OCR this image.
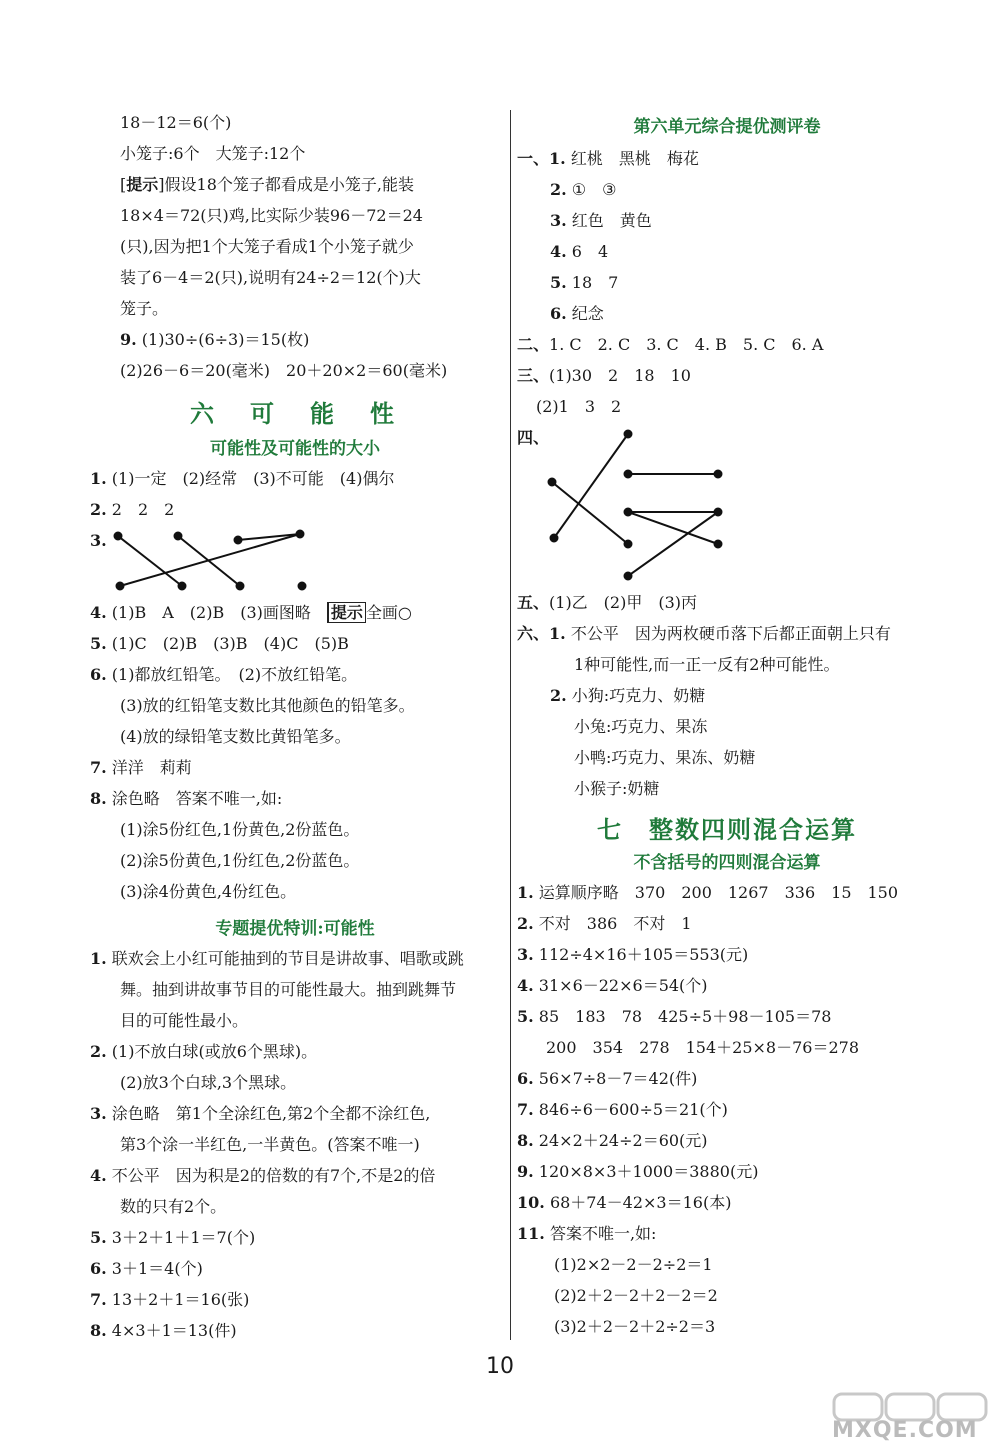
18－12＝6(个)
小笼子:6个　大笼子:12个
[提示]假设18个笼子都看成是小笼子,能装
18×4＝72(只)鸡,比实际少装96－72＝24
(只),因为把1个大笼子看成1个小笼子就少
装了6－4＝2(只),说明有24÷2＝12(个)大
笼子。
9. (1)30÷(6÷3)＝15(枚)
(2)26－6＝20(毫米)　20＋20×2＝60(毫米)
六　可　能　性
可能性及可能性的大小
1. (1)一定　(2)经常　(3)不可能　(4)偶尔
2. 2　2　2
3.
4. (1)B　A　(2)B　(3)画图略　提示 全画○
5. (1)C　(2)B　(3)B　(4)C　(5)B
6. (1)都放红铅笔。　(2)不放红铅笔。
(3)放的红铅笔支数比其他颜色的铅笔多。
(4)放的绿铅笔支数比黄铅笔多。
7. 洋洋　莉莉
8. 涂色略　答案不唯一,如:
(1)涂5份红色,1份黄色,2份蓝色。
(2)涂5份黄色,1份红色,2份蓝色。
(3)涂4份黄色,4份红色。
专题提优特训:可能性
1. 联欢会上小红可能抽到的节目是讲故事、唱歌或跳
舞。抽到讲故事节目的可能性最大。抽到跳舞节
目的可能性最小。
2. (1)不放白球(或放6个黑球)。
(2)放3个白球,3个黑球。
3. 涂色略　第1个全涂红色,第2个全都不涂红色,
第3个涂一半红色,一半黄色。(答案不唯一)
4. 不公平　因为积是2的倍数的有7个,不是2的倍
数的只有2个。
5. 3＋2＋1＋1＝7(个)
6. 3＋1＝4(个)
7. 13＋2＋1＝16(张)
8. 4×3＋1＝13(件)
第六单元综合提优测评卷
一、1. 红桃　黑桃　梅花
2. ①　③
3. 红色　黄色
4. 6　4
5. 18　7
6. 纪念
二、1. C　2. C　3. C　4. B　5. C　6. A
三、(1)30　2　18　10
(2)1　3　2
四、
五、(1)乙　(2)甲　(3)丙
六、1. 不公平　因为两枚硬币落下后都正面朝上只有
1种可能性,而一正一反有2种可能性。
2. 小狗:巧克力、奶糖
小兔:巧克力、果冻
小鸭:巧克力、果冻、奶糖
小猴子:奶糖
七　整数四则混合运算
不含括号的四则混合运算
1. 运算顺序略　370　200　1267　336　15　150
2. 不对　386　不对　1
3. 112÷4×16＋105＝553(元)
4. 31×6－22×6＝54(个)
5. 85　183　78　425÷5＋98－105＝78
200　354　278　154＋25×8－76＝278
6. 56×7÷8－7＝42(件)
7. 846÷6－600÷5＝21(个)
8. 24×2＋24÷2＝60(元)
9. 120×8×3＋1000＝3880(元)
10. 68＋74－42×3＝16(本)
11. 答案不唯一,如:
(1)2×2－2－2÷2＝1
(2)2＋2－2＋2－2＝2
(3)2＋2－2＋2÷2＝3
10
MXQE.COM
